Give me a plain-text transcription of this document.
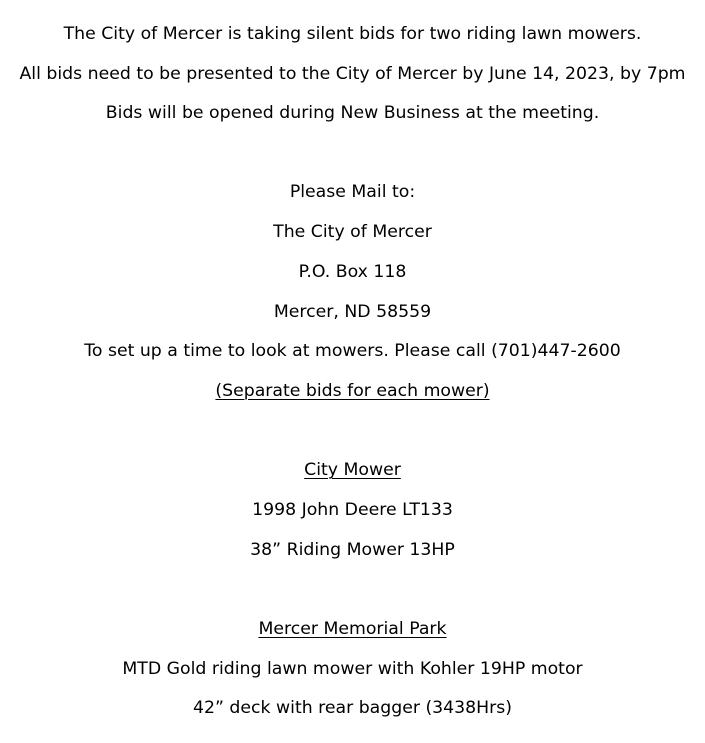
The City of Mercer is taking silent bids for two riding lawn mowers.
All bids need to be presented to the City of Mercer by June 14, 2023, by 7pm
Bids will be opened during New Business at the meeting.
Please Mail to:
The City of Mercer
P.O. Box 118
Mercer, ND 58559
To set up a time to look at mowers. Please call (701)447-2600
(Separate bids for each mower)
City Mower
1998 John Deere LT133
38” Riding Mower 13HP
Mercer Memorial Park
MTD Gold riding lawn mower with Kohler 19HP motor
42” deck with rear bagger (3438Hrs)
